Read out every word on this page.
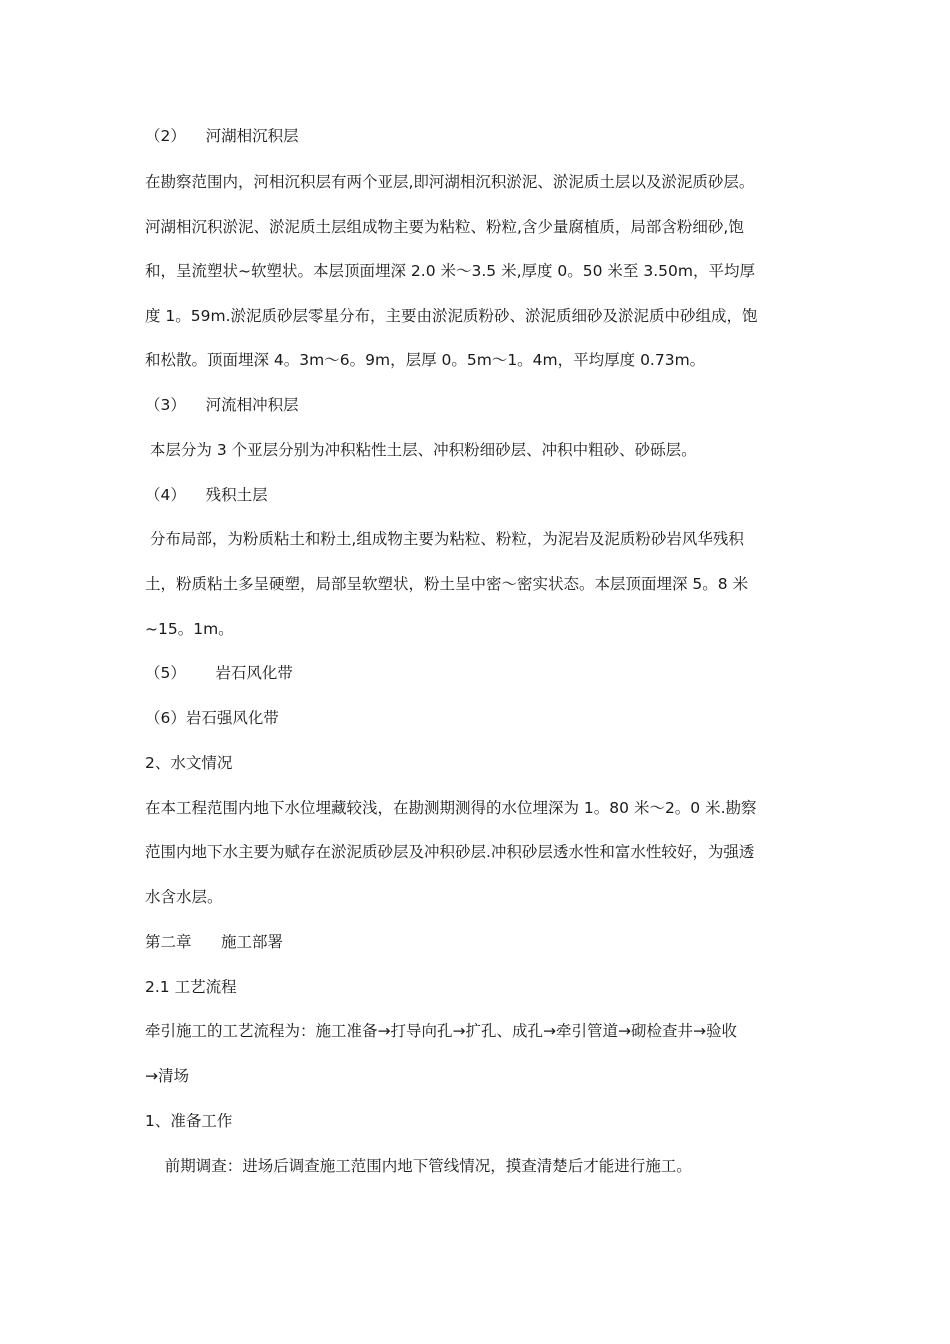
（2）    河湖相沉积层
在勘察范围内，河相沉积层有两个亚层,即河湖相沉积淤泥、淤泥质土层以及淤泥质砂层。
河湖相沉积淤泥、淤泥质土层组成物主要为粘粒、粉粒,含少量腐植质，局部含粉细砂,饱
和，呈流塑状~软塑状。本层顶面埋深 2.0 米～3.5 米,厚度 0。50 米至 3.50m，平均厚
度 1。59m.淤泥质砂层零星分布，主要由淤泥质粉砂、淤泥质细砂及淤泥质中砂组成，饱
和松散。顶面埋深 4。3m～6。9m，层厚 0。5m～1。4m，平均厚度 0.73m。
（3）    河流相冲积层
本层分为 3 个亚层分别为冲积粘性土层、冲积粉细砂层、冲积中粗砂、砂砾层。
（4）    残积土层
分布局部，为粉质粘土和粉土,组成物主要为粘粒、粉粒，为泥岩及泥质粉砂岩风华残积
土，粉质粘土多呈硬塑，局部呈软塑状，粉土呈中密～密实状态。本层顶面埋深 5。8 米
~15。1m。
（5）      岩石风化带
（6）岩石强风化带
2、水文情况
在本工程范围内地下水位埋藏较浅，在勘测期测得的水位埋深为 1。80 米～2。0 米.勘察
范围内地下水主要为赋存在淤泥质砂层及冲积砂层.冲积砂层透水性和富水性较好，为强透
水含水层。
第二章      施工部署
2.1 工艺流程
牵引施工的工艺流程为：施工准备→打导向孔→扩孔、成孔→牵引管道→砌检查井→验收
→清场
1、准备工作
前期调查：进场后调查施工范围内地下管线情况，摸查清楚后才能进行施工。
